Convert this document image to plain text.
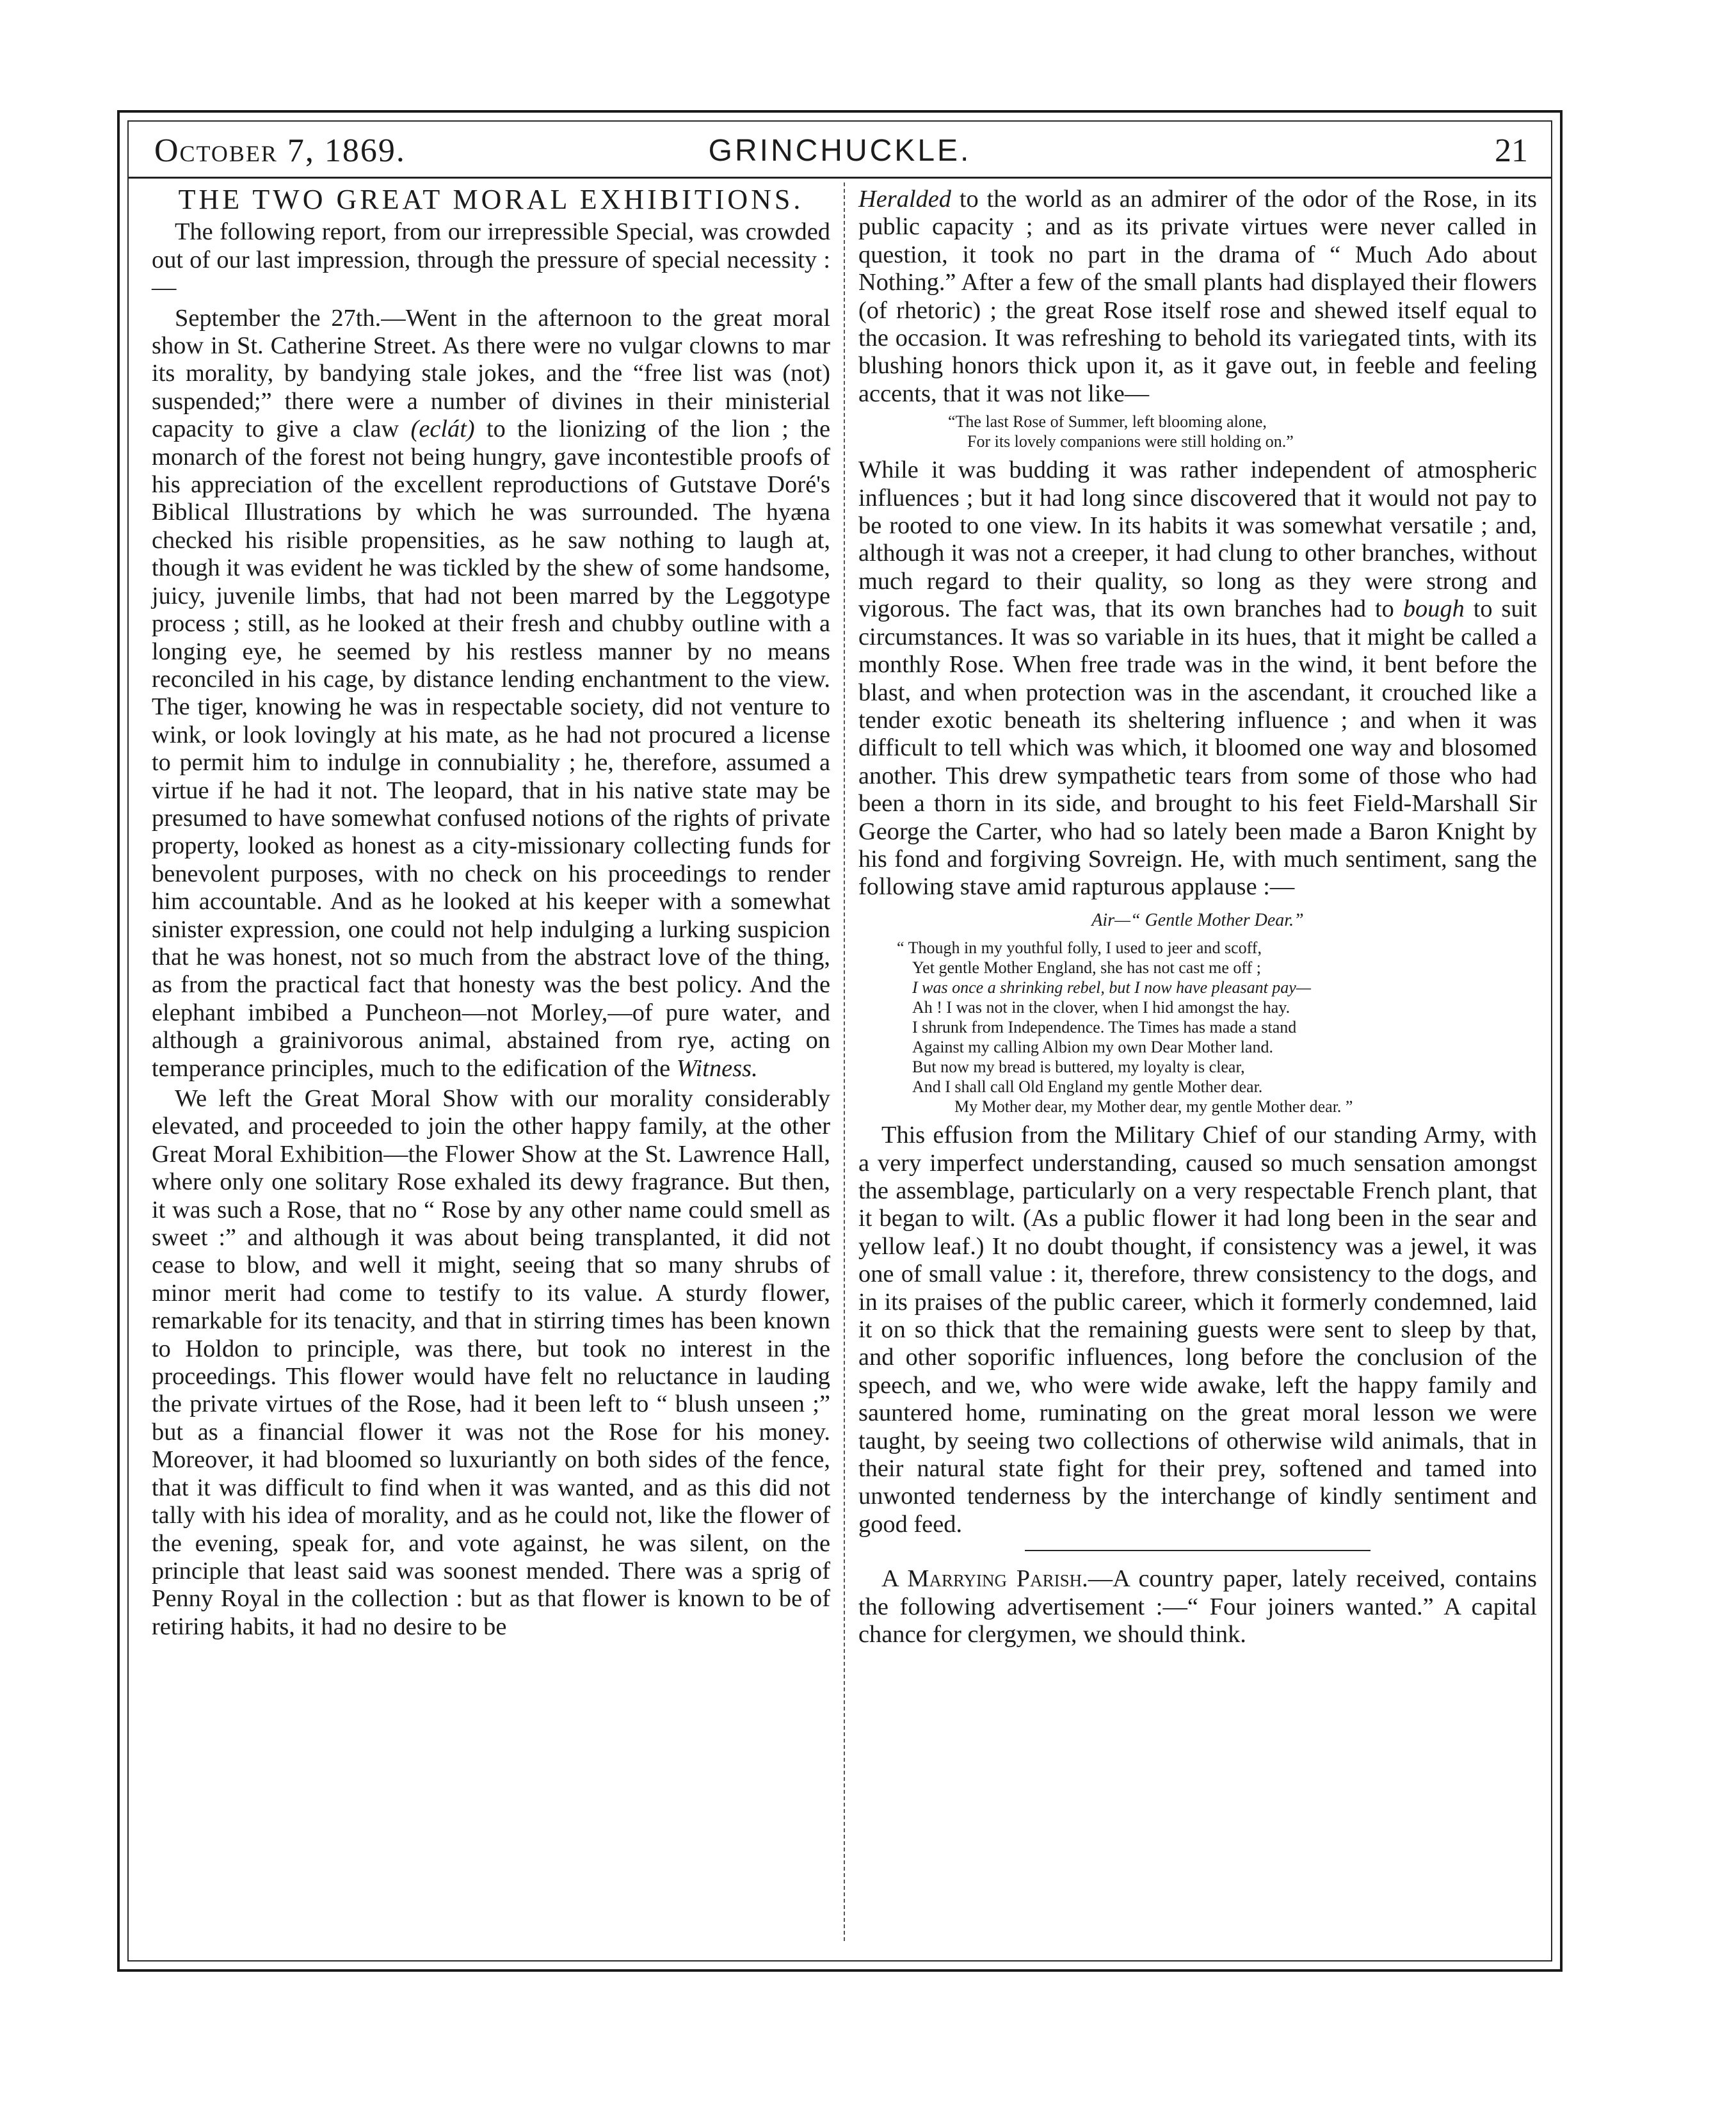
October 7, 1869.	GRINCHUCKLE.	21
THE TWO GREAT MORAL EXHIBITIONS.

The following report, from our irrepressible Special, was crowded out of our last impression, through the pressure of special necessity :—

September the 27th.—Went in the afternoon to the great moral show in St. Catherine Street. As there were no vulgar clowns to mar its morality, by bandying stale jokes, and the “free list was (not) suspended;” there were a number of divines in their ministerial capacity to give a claw (eclát) to the lionizing of the lion ; the monarch of the forest not being hungry, gave incontestible proofs of his appreciation of the excellent reproductions of Gutstave Doré's Biblical Illustrations by which he was surrounded. The hyæna checked his risible propensities, as he saw nothing to laugh at, though it was evident he was tickled by the shew of some handsome, juicy, juvenile limbs, that had not been marred by the Leggotype process ; still, as he looked at their fresh and chubby outline with a longing eye, he seemed by his restless manner by no means reconciled in his cage, by distance lending enchantment to the view. The tiger, knowing he was in respectable society, did not venture to wink, or look lovingly at his mate, as he had not procured a license to permit him to indulge in connubiality ; he, therefore, assumed a virtue if he had it not. The leopard, that in his native state may be presumed to have somewhat confused notions of the rights of private property, looked as honest as a city-missionary collecting funds for benevolent purposes, with no check on his proceedings to render him accountable. And as he looked at his keeper with a somewhat sinister expression, one could not help indulging a lurking suspicion that he was honest, not so much from the abstract love of the thing, as from the practical fact that honesty was the best policy. And the elephant imbibed a Puncheon—not Morley,—of pure water, and although a grainivorous animal, abstained from rye, acting on temperance principles, much to the edification of the Witness.

We left the Great Moral Show with our morality considerably elevated, and proceeded to join the other happy family, at the other Great Moral Exhibition—the Flower Show at the St. Lawrence Hall, where only one solitary Rose exhaled its dewy fragrance. But then, it was such a Rose, that no “ Rose by any other name could smell as sweet :” and although it was about being transplanted, it did not cease to blow, and well it might, seeing that so many shrubs of minor merit had come to testify to its value. A sturdy flower, remarkable for its tenacity, and that in stirring times has been known to Holdon to principle, was there, but took no interest in the proceedings. This flower would have felt no reluctance in lauding the private virtues of the Rose, had it been left to “ blush unseen ;” but as a financial flower it was not the Rose for his money. Moreover, it had bloomed so luxuriantly on both sides of the fence, that it was difficult to find when it was wanted, and as this did not tally with his idea of morality, and as he could not, like the flower of the evening, speak for, and vote against, he was silent, on the principle that least said was soonest mended. There was a sprig of Penny Royal in the collection : but as that flower is known to be of retiring habits, it had no desire to be

Heralded to the world as an admirer of the odor of the Rose, in its public capacity ; and as its private virtues were never called in question, it took no part in the drama of “ Much Ado about Nothing.” After a few of the small plants had displayed their flowers (of rhetoric) ; the great Rose itself rose and shewed itself equal to the occasion. It was refreshing to behold its variegated tints, with its blushing honors thick upon it, as it gave out, in feeble and feeling accents, that it was not like—

“The last Rose of Summer, left blooming alone,
For its lovely companions were still holding on.”

While it was budding it was rather independent of atmospheric influences ; but it had long since discovered that it would not pay to be rooted to one view. In its habits it was somewhat versatile ; and, although it was not a creeper, it had clung to other branches, without much regard to their quality, so long as they were strong and vigorous. The fact was, that its own branches had to bough to suit circumstances. It was so variable in its hues, that it might be called a monthly Rose. When free trade was in the wind, it bent before the blast, and when protection was in the ascendant, it crouched like a tender exotic beneath its sheltering influence ; and when it was difficult to tell which was which, it bloomed one way and blosomed another. This drew sympathetic tears from some of those who had been a thorn in its side, and brought to his feet Field-Marshall Sir George the Carter, who had so lately been made a Baron Knight by his fond and forgiving Sovreign. He, with much sentiment, sang the following stave amid rapturous applause :—

Air—“ Gentle Mother Dear.”
“ Though in my youthful folly, I used to jeer and scoff,
Yet gentle Mother England, she has not cast me off ;
I was once a shrinking rebel, but I now have pleasant pay—
Ah ! I was not in the clover, when I hid amongst the hay.
I shrunk from Independence. The Times has made a stand
Against my calling Albion my own Dear Mother land.
But now my bread is buttered, my loyalty is clear,
And I shall call Old England my gentle Mother dear.
My Mother dear, my Mother dear, my gentle Mother dear. ”

This effusion from the Military Chief of our standing Army, with a very imperfect understanding, caused so much sensation amongst the assemblage, particularly on a very respectable French plant, that it began to wilt. (As a public flower it had long been in the sear and yellow leaf.) It no doubt thought, if consistency was a jewel, it was one of small value : it, therefore, threw consistency to the dogs, and in its praises of the public career, which it formerly condemned, laid it on so thick that the remaining guests were sent to sleep by that, and other soporific influences, long before the conclusion of the speech, and we, who were wide awake, left the happy family and sauntered home, ruminating on the great moral lesson we were taught, by seeing two collections of otherwise wild animals, that in their natural state fight for their prey, softened and tamed into unwonted tenderness by the interchange of kindly sentiment and good feed.

A Marrying Parish.—A country paper, lately received, contains the following advertisement :—“ Four joiners wanted.” A capital chance for clergymen, we should think.
